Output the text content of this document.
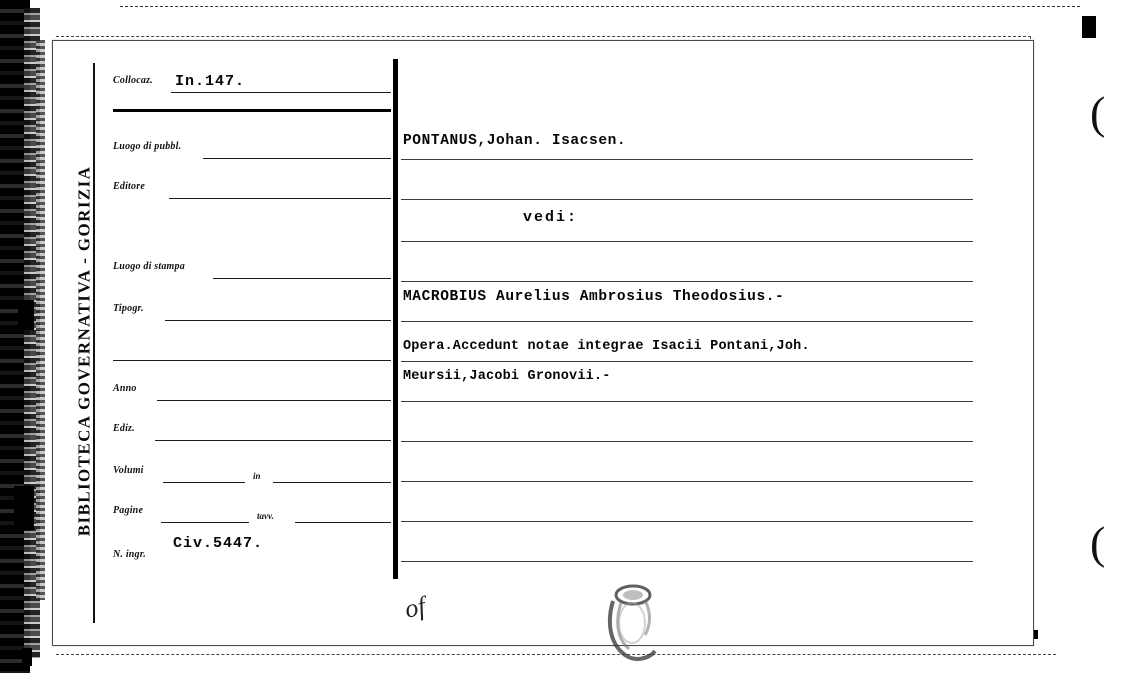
(
(
BIBLIOTECA GOVERNATIVA - GORIZIA
Collocaz. In.147.
Luogo di pubbl.
Editore
Luogo di stampa
Tipogr.
Anno
Ediz.
Volumi	in
Pagine	tavv.
N. ingr.
Civ.5447.
of
PONTANUS,Johan. Isacsen.
vedi:
MACROBIUS Aurelius Ambrosius Theodosius.-
Opera.Accedunt notae integrae Isacii Pontani,Joh.
Meursii,Jacobi Gronovii.-
